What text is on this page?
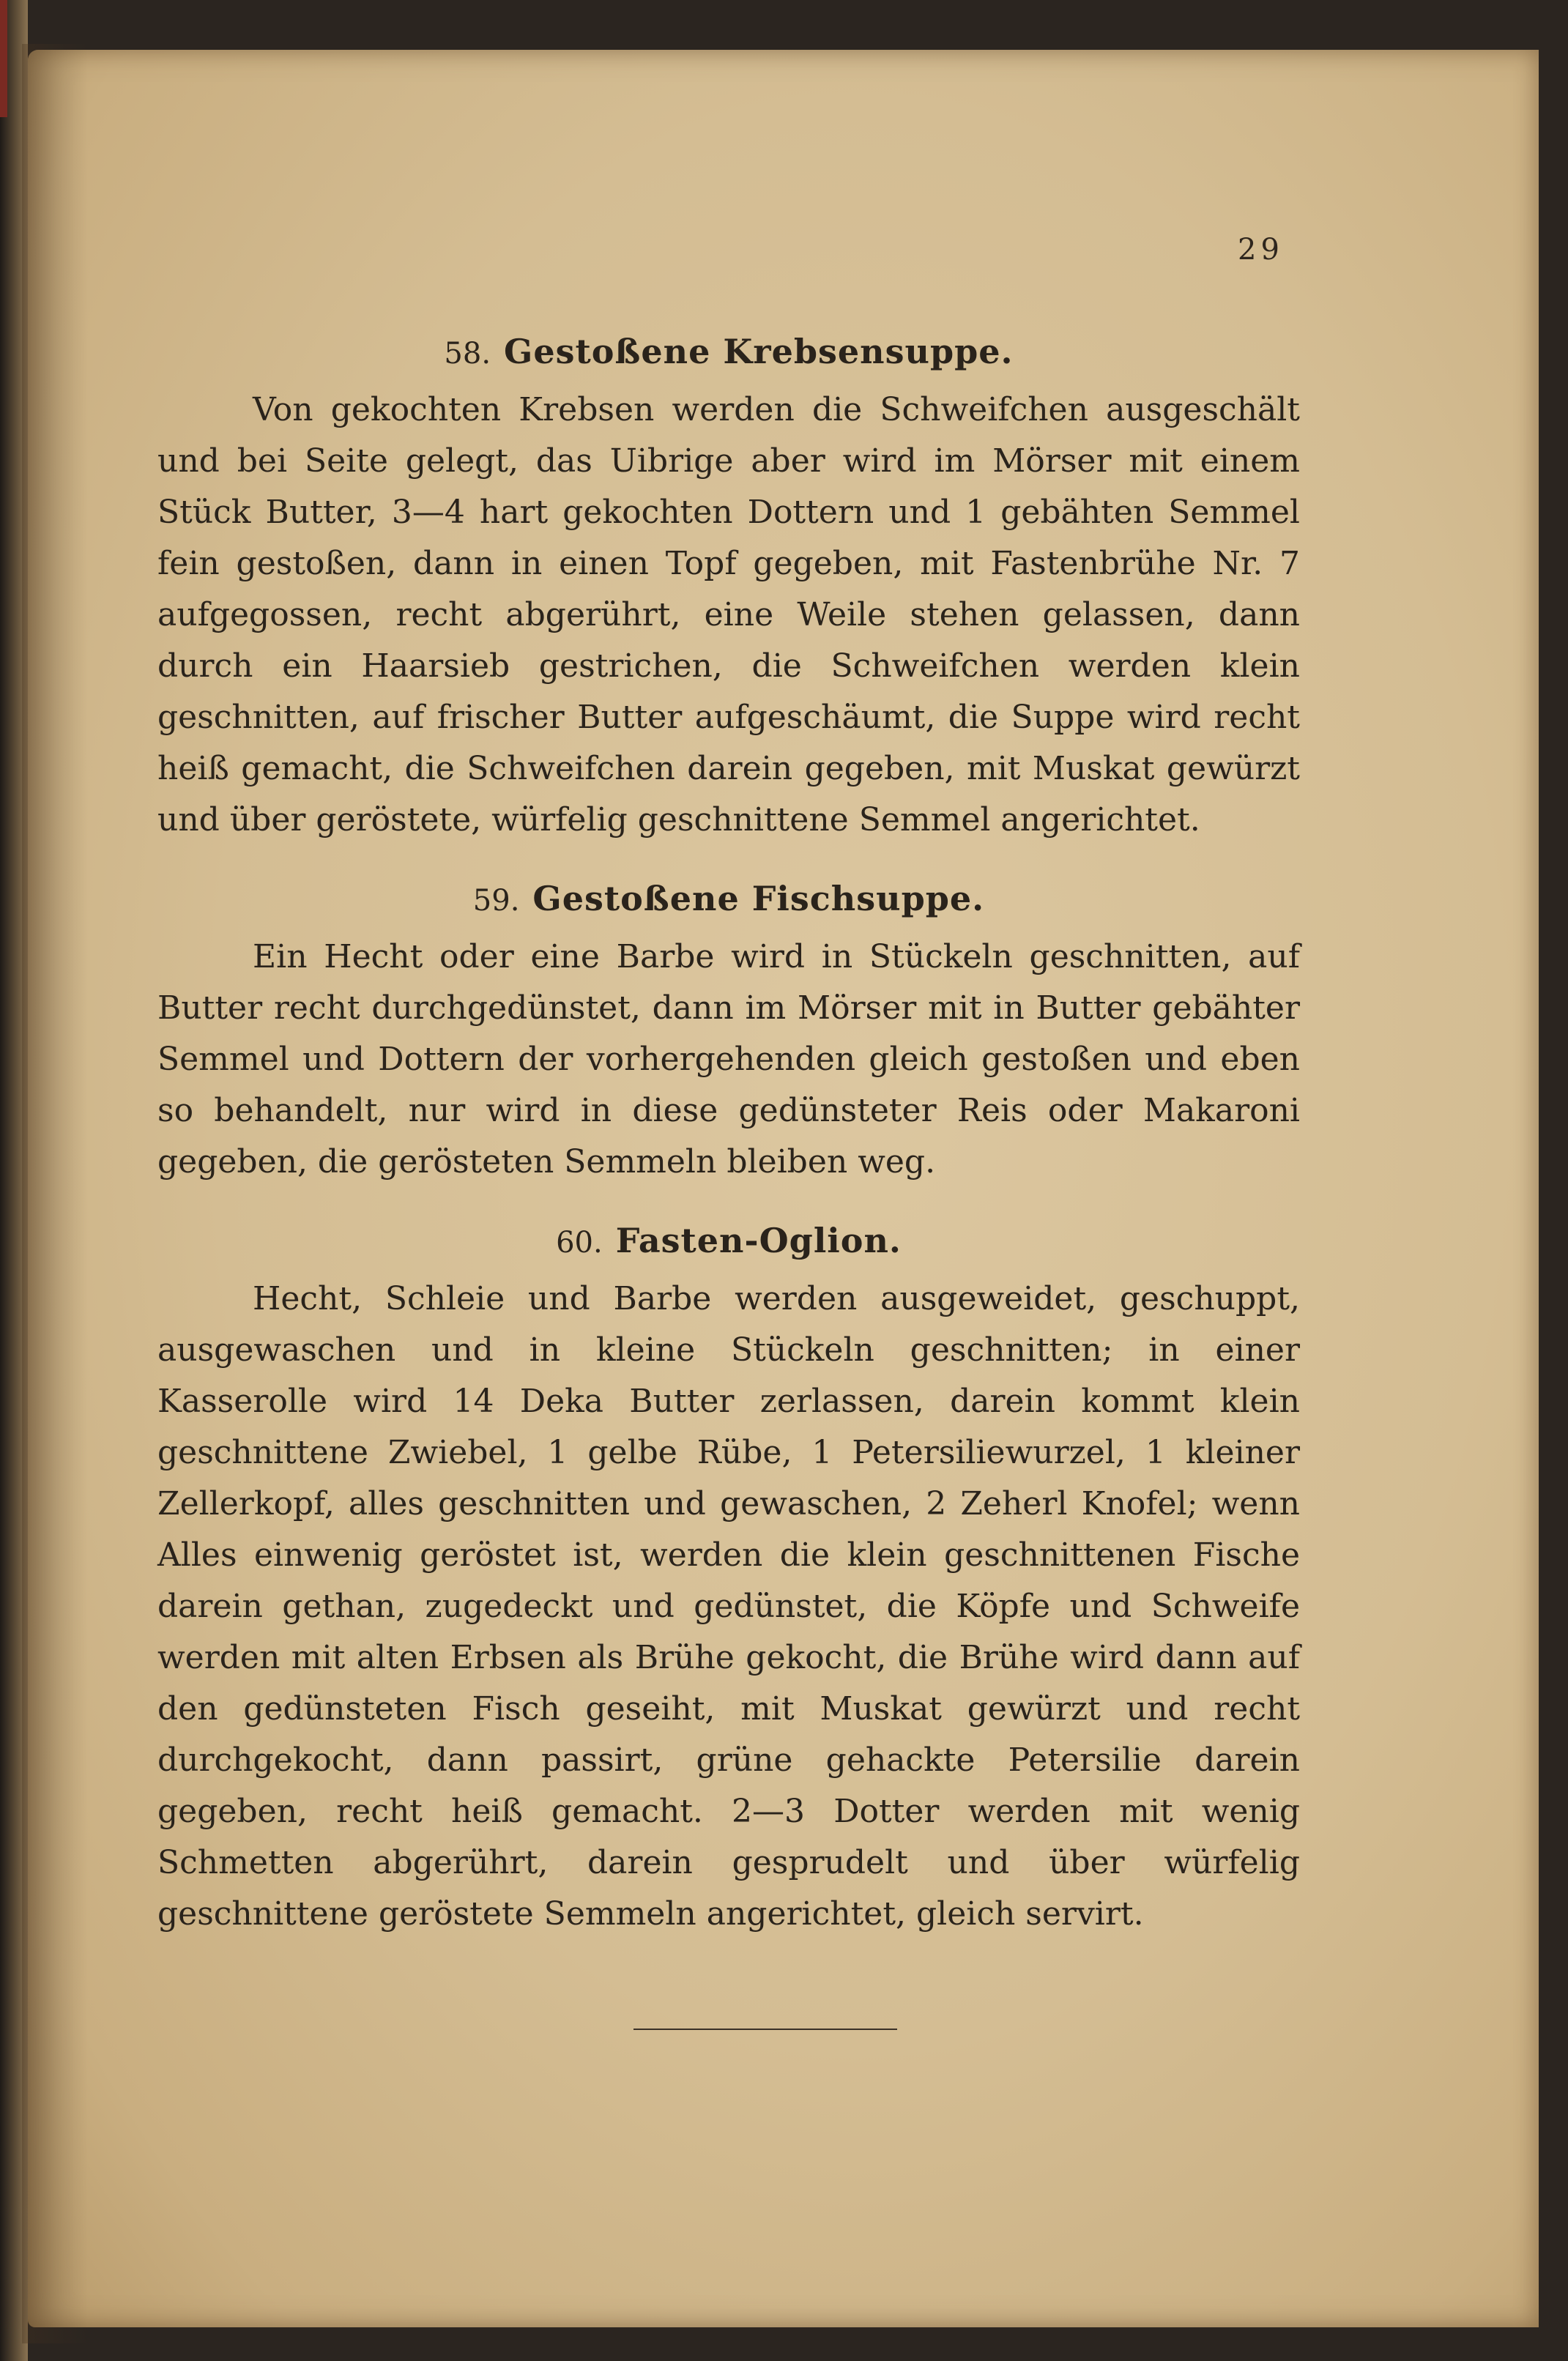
29
58. Gestoßene Krebsensuppe.

Von gekochten Krebsen werden die Schweifchen ausgeschält und bei Seite gelegt, das Uibrige aber wird im Mörser mit einem Stück Butter, 3—4 hart gekochten Dottern und 1 gebähten Semmel fein gestoßen, dann in einen Topf gegeben, mit Fastenbrühe Nr. 7 aufgegossen, recht abgerührt, eine Weile stehen gelassen, dann durch ein Haarsieb gestrichen, die Schweifchen werden klein geschnitten, auf frischer Butter aufgeschäumt, die Suppe wird recht heiß gemacht, die Schweifchen darein gegeben, mit Muskat gewürzt und über geröstete, würfelig geschnittene Semmel angerichtet.

59. Gestoßene Fischsuppe.

Ein Hecht oder eine Barbe wird in Stückeln geschnitten, auf Butter recht durchgedünstet, dann im Mörser mit in Butter gebähter Semmel und Dottern der vorhergehenden gleich gestoßen und eben so behandelt, nur wird in diese gedünsteter Reis oder Makaroni gegeben, die gerösteten Semmeln bleiben weg.

60. Fasten-Oglion.

Hecht, Schleie und Barbe werden ausgeweidet, geschuppt, ausgewaschen und in kleine Stückeln geschnitten; in einer Kasserolle wird 14 Deka Butter zerlassen, darein kommt klein geschnittene Zwiebel, 1 gelbe Rübe, 1 Petersiliewurzel, 1 kleiner Zellerkopf, alles geschnitten und gewaschen, 2 Zeherl Knofel; wenn Alles einwenig geröstet ist, werden die klein geschnittenen Fische darein gethan, zugedeckt und gedünstet, die Köpfe und Schweife werden mit alten Erbsen als Brühe gekocht, die Brühe wird dann auf den gedünsteten Fisch geseiht, mit Muskat gewürzt und recht durchgekocht, dann passirt, grüne gehackte Petersilie darein gegeben, recht heiß gemacht. 2—3 Dotter werden mit wenig Schmetten abgerührt, darein gesprudelt und über würfelig geschnittene geröstete Semmeln angerichtet, gleich servirt.
